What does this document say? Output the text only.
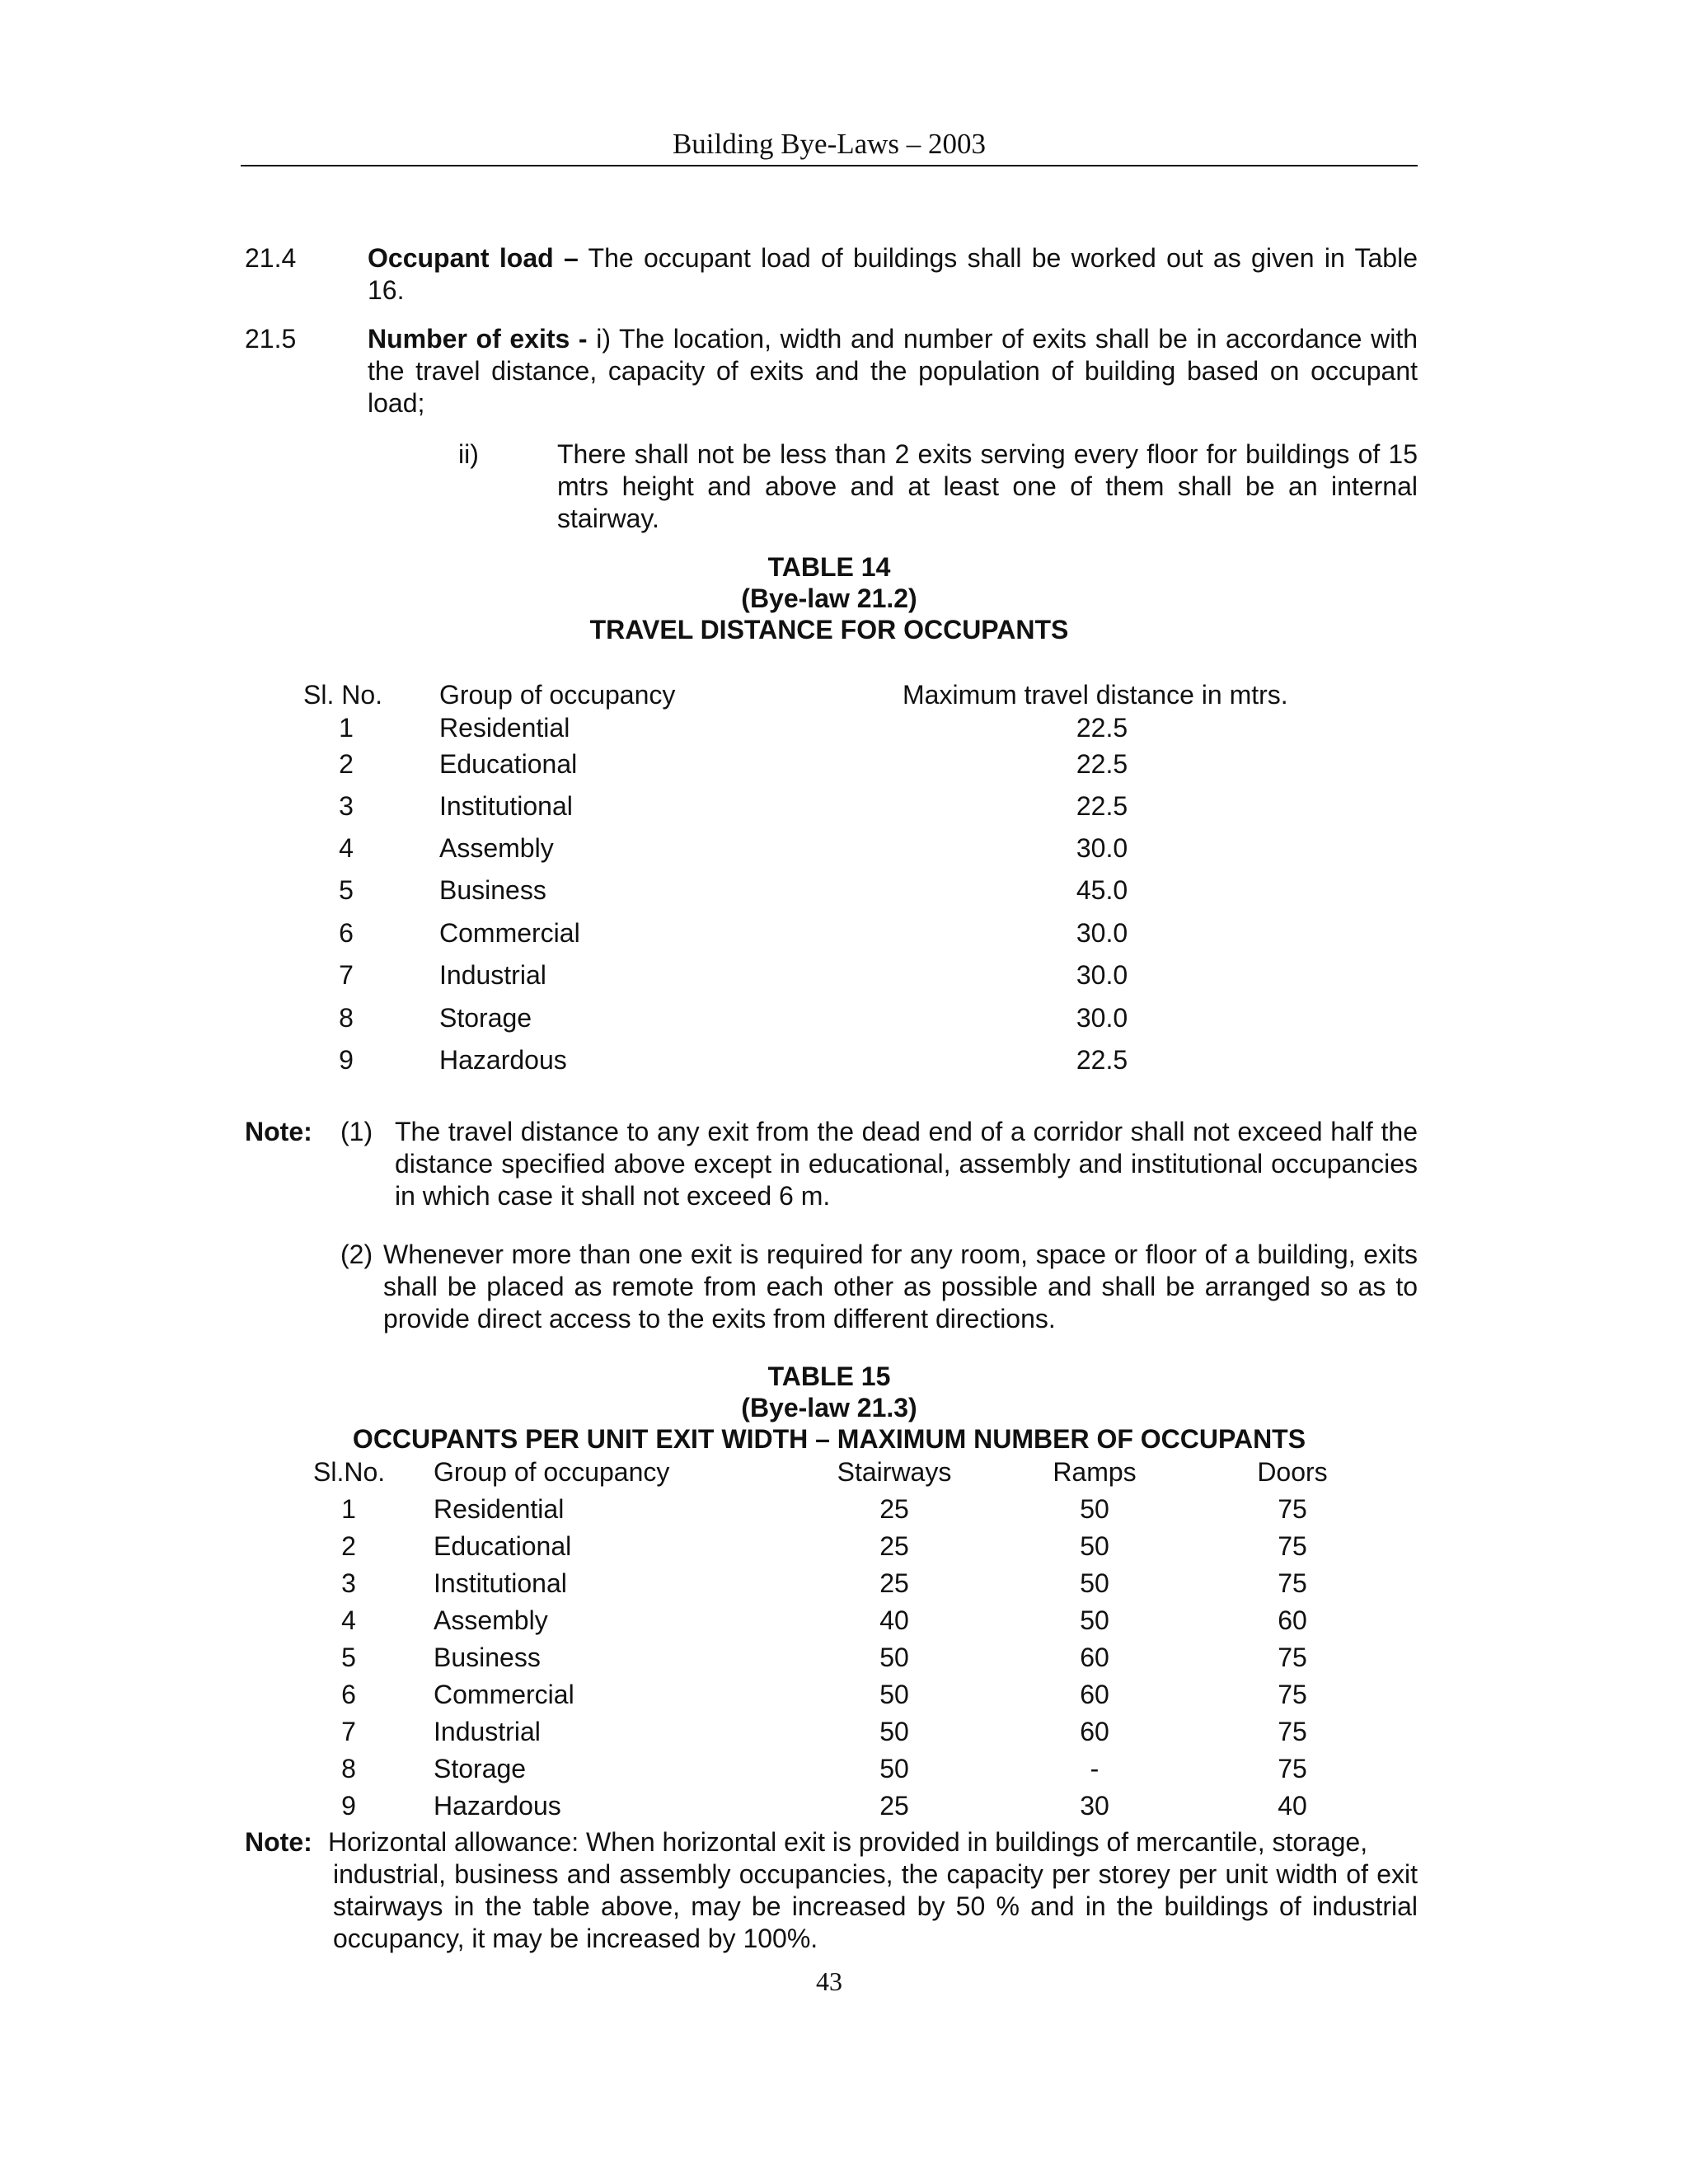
Building Bye-Laws – 2003
21.4	Occupant load – The occupant load of buildings shall be worked out as given in Table 16.
21.5	Number of exits - i) The location, width and number of exits shall be in accordance with the travel distance, capacity of exits and the population of building based on occupant load;
ii)	There shall not be less than 2 exits serving every floor for buildings of 15 mtrs height and above and at least one of them shall be an internal stairway.
TABLE 14
(Bye-law 21.2)
TRAVEL DISTANCE FOR OCCUPANTS
Sl. No. Group of occupancy	Maximum travel distance in mtrs.
1	Residential	22.5
2	Educational	22.5
3	Institutional	22.5
4	Assembly	30.0
5	Business	45.0
6	Commercial	30.0
7	Industrial	30.0
8	Storage	30.0
9	Hazardous	22.5
Note: (1) The travel distance to any exit from the dead end of a corridor shall not exceed half the distance specified above except in educational, assembly and institutional occupancies in which case it shall not exceed 6 m.
(2) Whenever more than one exit is required for any room, space or floor of a building, exits shall be placed as remote from each other as possible and shall be arranged so as to provide direct access to the exits from different directions.
TABLE 15
(Bye-law 21.3)
OCCUPANTS PER UNIT EXIT WIDTH – MAXIMUM NUMBER OF OCCUPANTS
Sl.No. Group of occupancy	Stairways	Ramps	Doors
1	Residential	25	50	75
2	Educational	25	50	75
3	Institutional	25	50	75
4	Assembly	40	50	60
5	Business	50	60	75
6	Commercial	50	60	75
7	Industrial	50	60	75
8	Storage	50	-	75
9	Hazardous	25	30	40
Note: Horizontal allowance: When horizontal exit is provided in buildings of mercantile, storage,
industrial, business and assembly occupancies, the capacity per storey per unit width of exit stairways in the table above, may be increased by 50 % and in the buildings of industrial occupancy, it may be increased by 100%.
43
